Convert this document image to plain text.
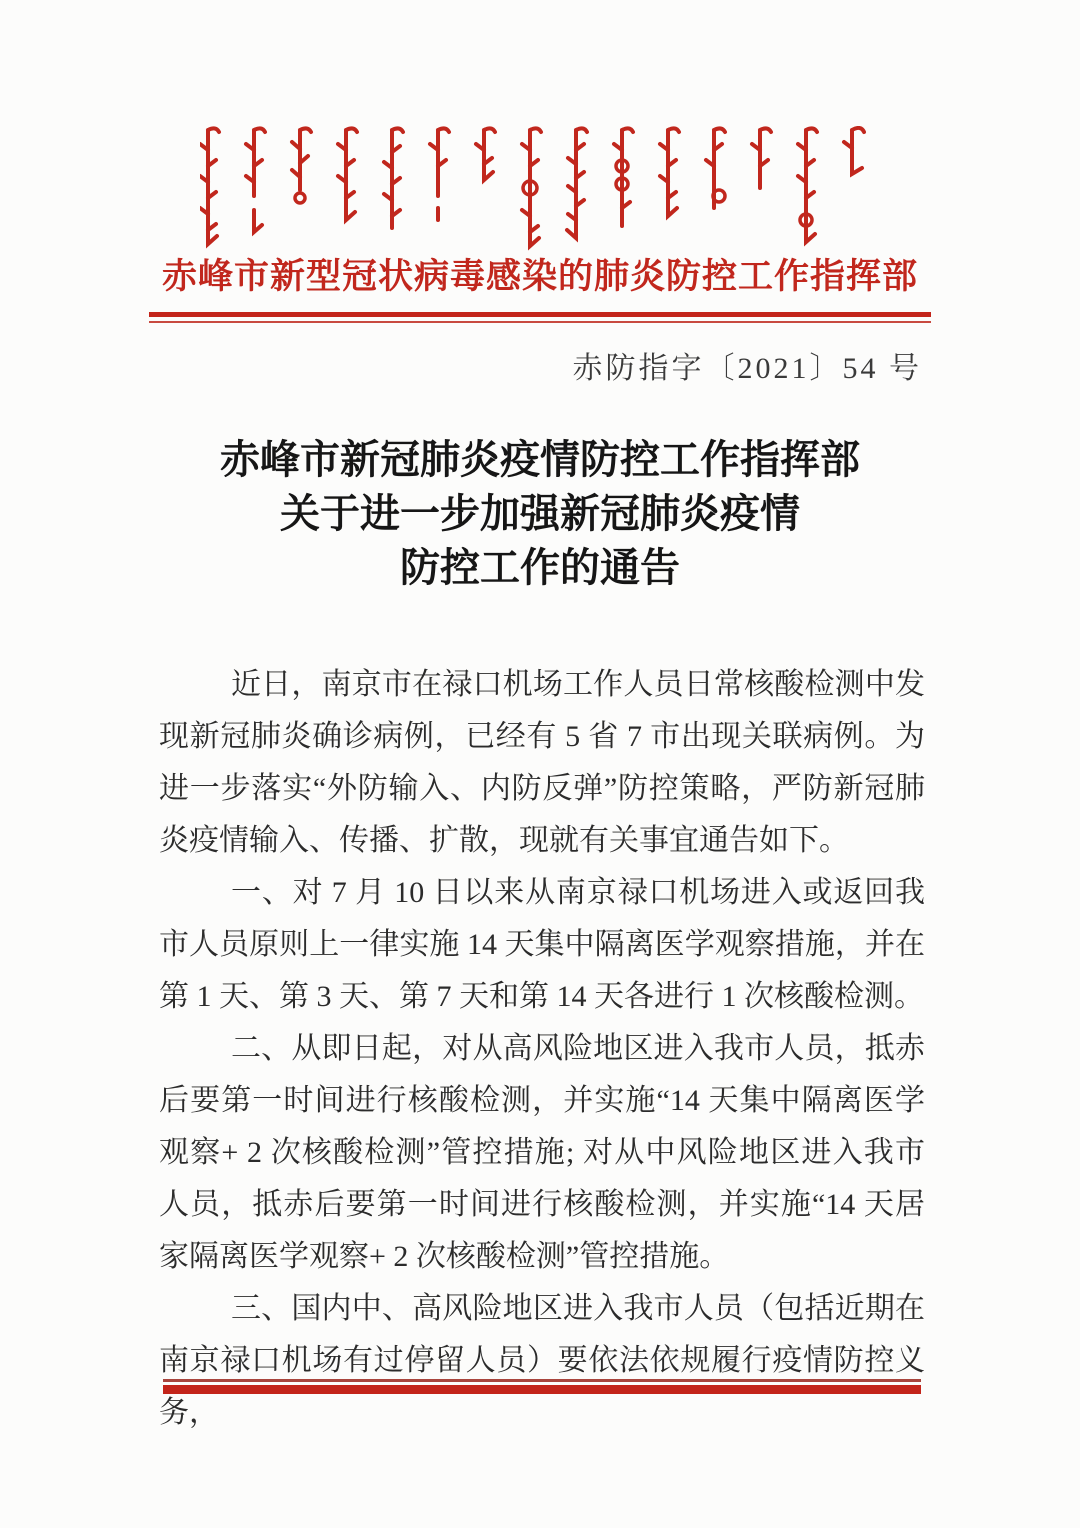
赤峰市新型冠状病毒感染的肺炎防控工作指挥部
赤防指字〔2021〕54 号
赤峰市新冠肺炎疫情防控工作指挥部
关于进一步加强新冠肺炎疫情
防控工作的通告

近日，南京市在禄口机场工作人员日常核酸检测中发现新冠肺炎确诊病例，已经有 5 省 7 市出现关联病例。为进一步落实“外防输入、内防反弹”防控策略，严防新冠肺炎疫情输入、传播、扩散，现就有关事宜通告如下。

一、对 7 月 10 日以来从南京禄口机场进入或返回我市人员原则上一律实施 14 天集中隔离医学观察措施，并在第 1 天、第 3 天、第 7 天和第 14 天各进行 1 次核酸检测。

二、从即日起，对从高风险地区进入我市人员，抵赤后要第一时间进行核酸检测，并实施“14 天集中隔离医学观察+ 2 次核酸检测”管控措施; 对从中风险地区进入我市人员，抵赤后要第一时间进行核酸检测，并实施“14 天居家隔离医学观察+ 2 次核酸检测”管控措施。

三、国内中、高风险地区进入我市人员（包括近期在南京禄口机场有过停留人员）要依法依规履行疫情防控义务，
